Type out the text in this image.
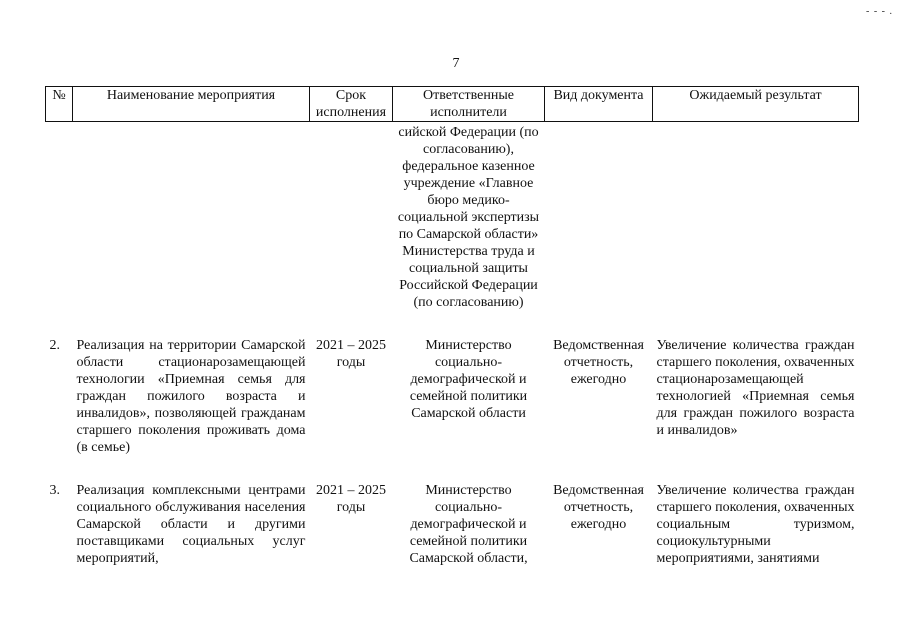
- - - .
7
№	Наименование мероприятия	Срок исполнения	Ответственные исполнители	Вид документа	Ожидаемый результат
			сийской Федерации (по согласованию), федеральное казенное учреждение «Главное бюро медико-социальной экспертизы по Самарской области» Министерства труда и социальной защиты Российской Федерации (по согласованию)		
2.	Реализация на территории Самарской области стационарозамещающей технологии «Приемная семья для граждан пожилого возраста и инвалидов», позволяющей гражданам старшего поколения проживать дома (в семье)	2021 – 2025 годы	Министерство социально-демографической и семейной политики Самарской области	Ведомственная отчетность, ежегодно	Увеличение количества граждан старшего поколения, охваченных стационарозамещающей технологией «Приемная семья для граждан пожилого возраста и инвалидов»
3.	Реализация комплексными центрами социального обслуживания населения Самарской области и другими поставщиками социальных услуг мероприятий,	2021 – 2025 годы	Министерство социально-демографической и семейной политики Самарской области,	Ведомственная отчетность, ежегодно	Увеличение количества граждан старшего поколения, охваченных социальным туризмом, социокультурными мероприятиями, занятиями
